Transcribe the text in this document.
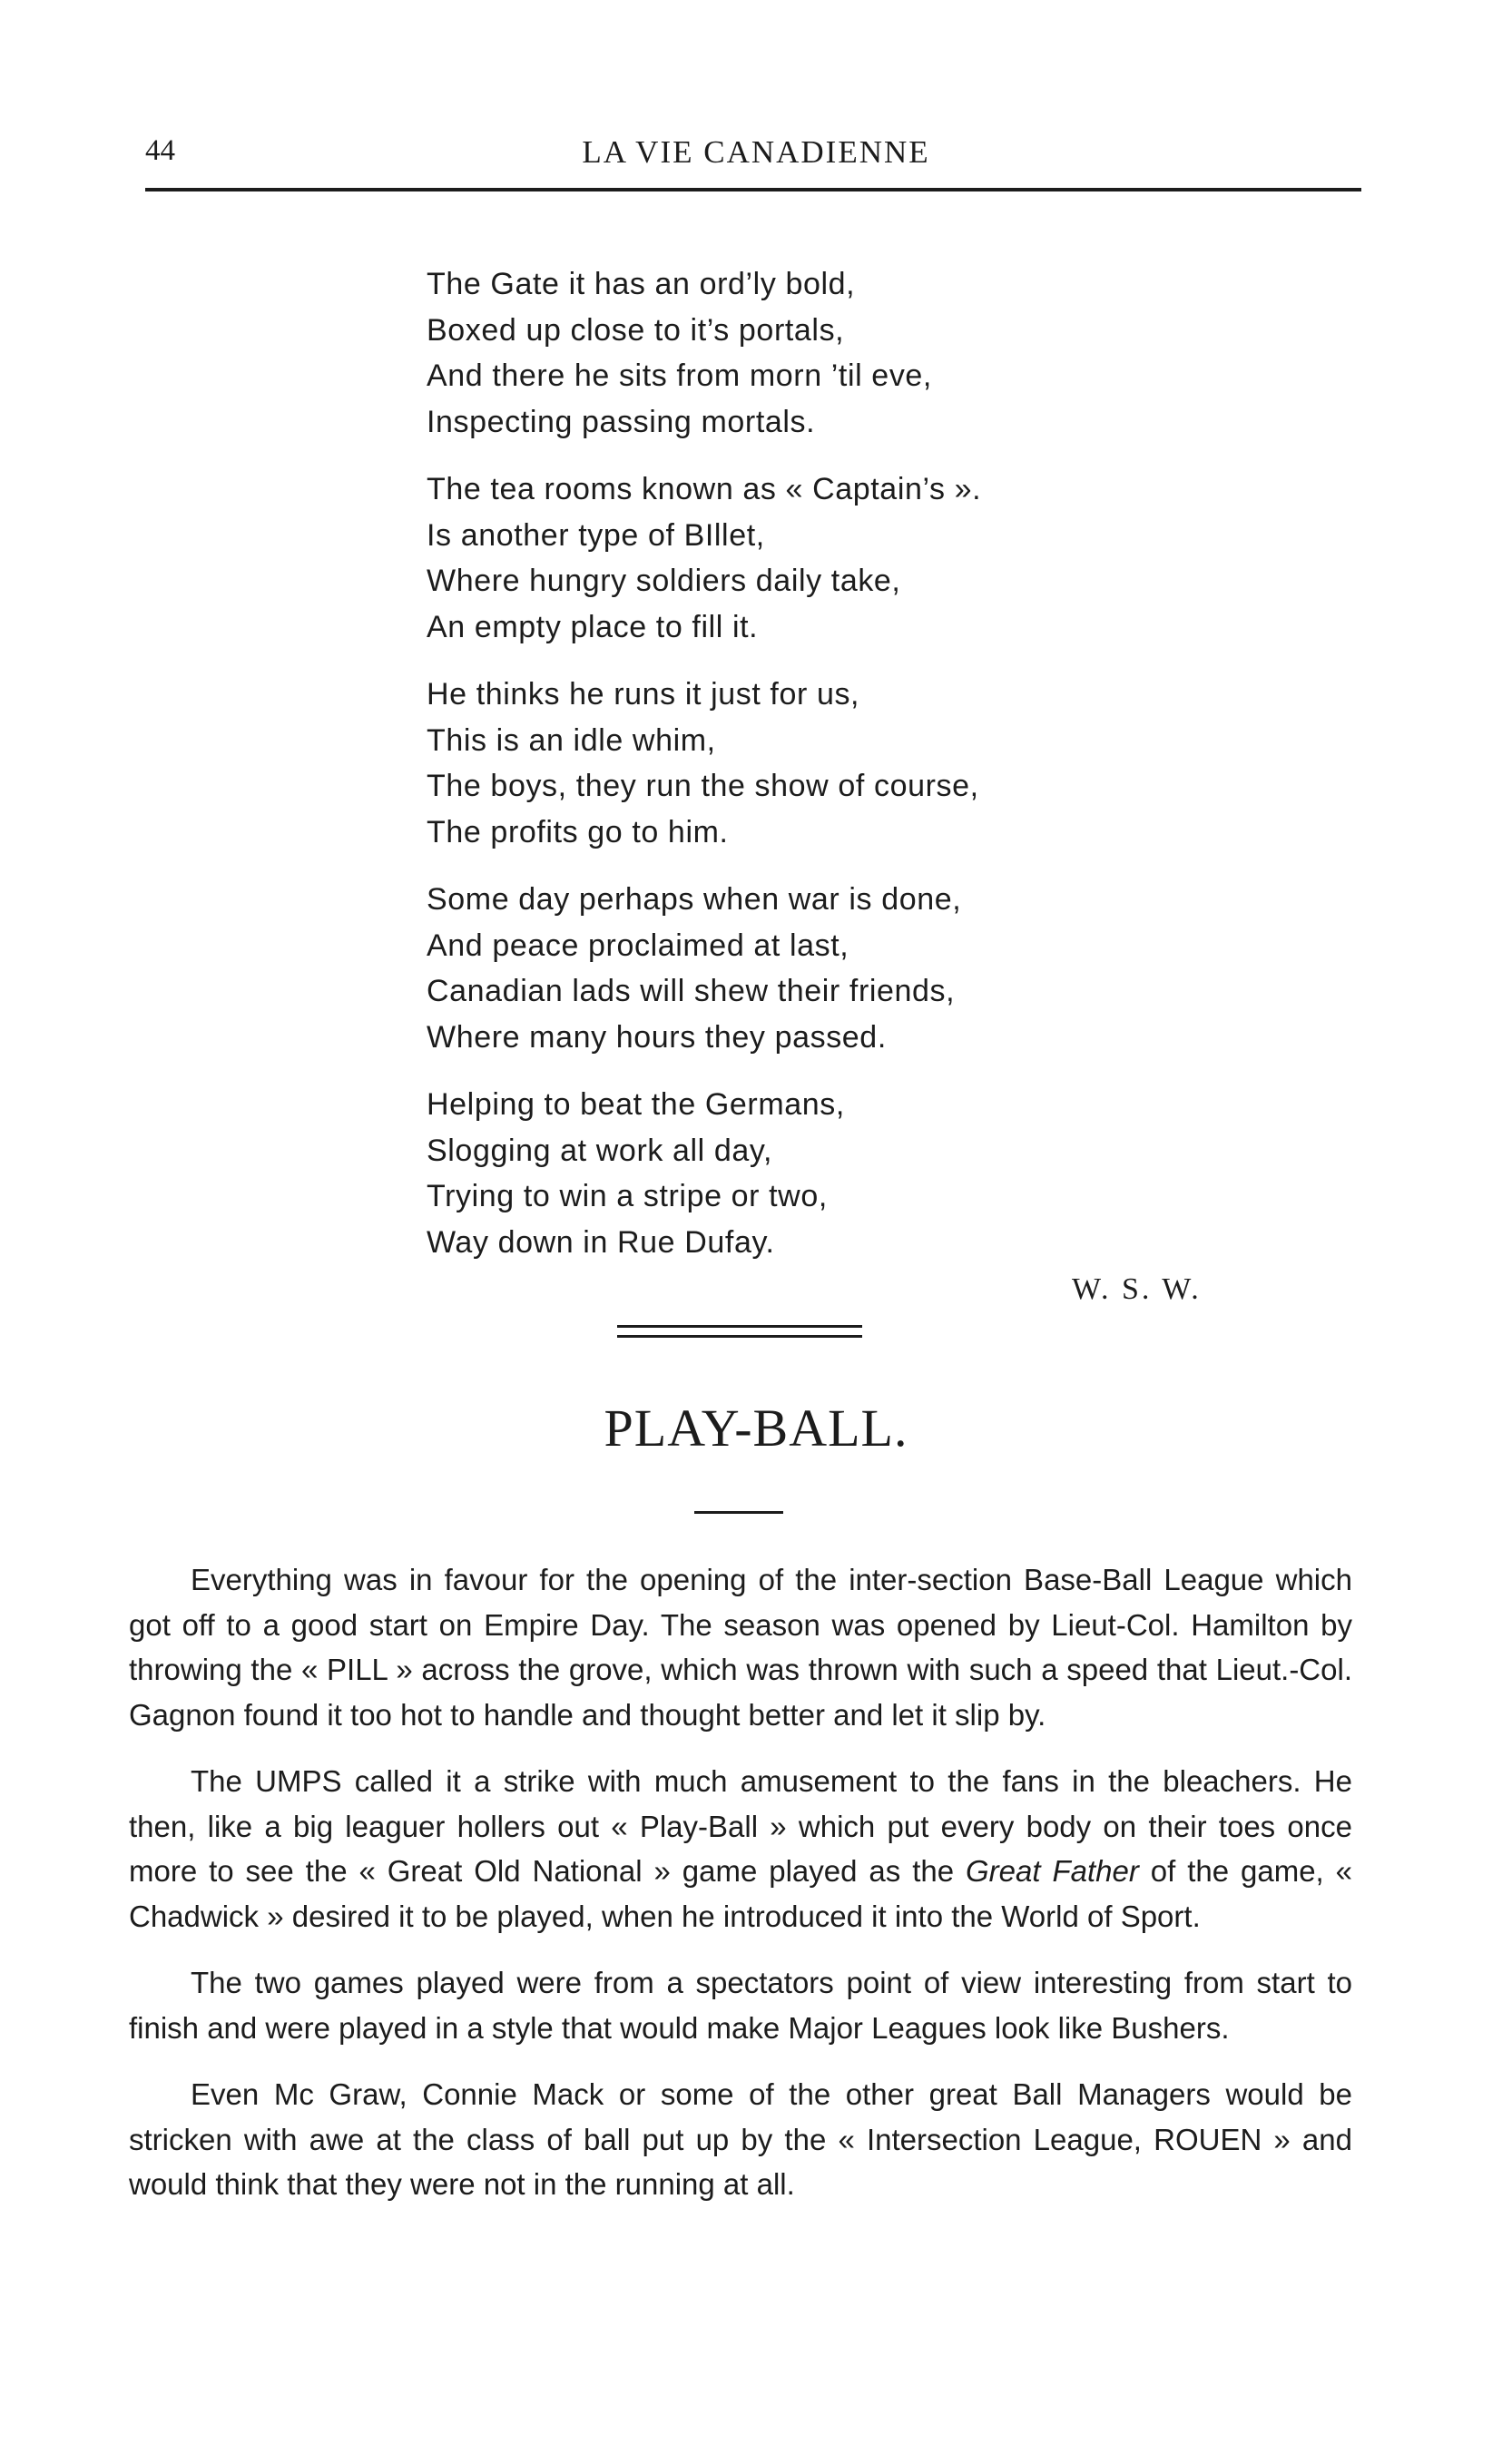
44	LA VIE CANADIENNE
The Gate it has an ord’ly bold,
Boxed up close to it’s portals,
And there he sits from morn ’til eve,
Inspecting passing mortals.
The tea rooms known as « Captain’s ».
Is another type of BIllet,
Where hungry soldiers daily take,
An empty place to fill it.
He thinks he runs it just for us,
This is an idle whim,
The boys, they run the show of course,
The profits go to him.
Some day perhaps when war is done,
And peace proclaimed at last,
Canadian lads will shew their friends,
Where many hours they passed.
Helping to beat the Germans,
Slogging at work all day,
Trying to win a stripe or two,
Way down in Rue Dufay.
W. S. W.
PLAY-BALL.

Everything was in favour for the opening of the inter-section Base-Ball League which got off to a good start on Empire Day. The season was opened by Lieut-Col. Hamilton by throwing the « PILL » across the grove, which was thrown with such a speed that Lieut.-Col. Gagnon found it too hot to handle and thought better and let it slip by.

The UMPS called it a strike with much amusement to the fans in the bleachers. He then, like a big leaguer hollers out « Play-Ball » which put every body on their toes once more to see the « Great Old National » game played as the Great Father of the game, « Chadwick » desired it to be played, when he introduced it into the World of Sport.

The two games played were from a spectators point of view interesting from start to finish and were played in a style that would make Major Leagues look like Bushers.

Even Mc Graw, Connie Mack or some of the other great Ball Managers would be stricken with awe at the class of ball put up by the « Intersection League, ROUEN » and would think that they were not in the running at all.
